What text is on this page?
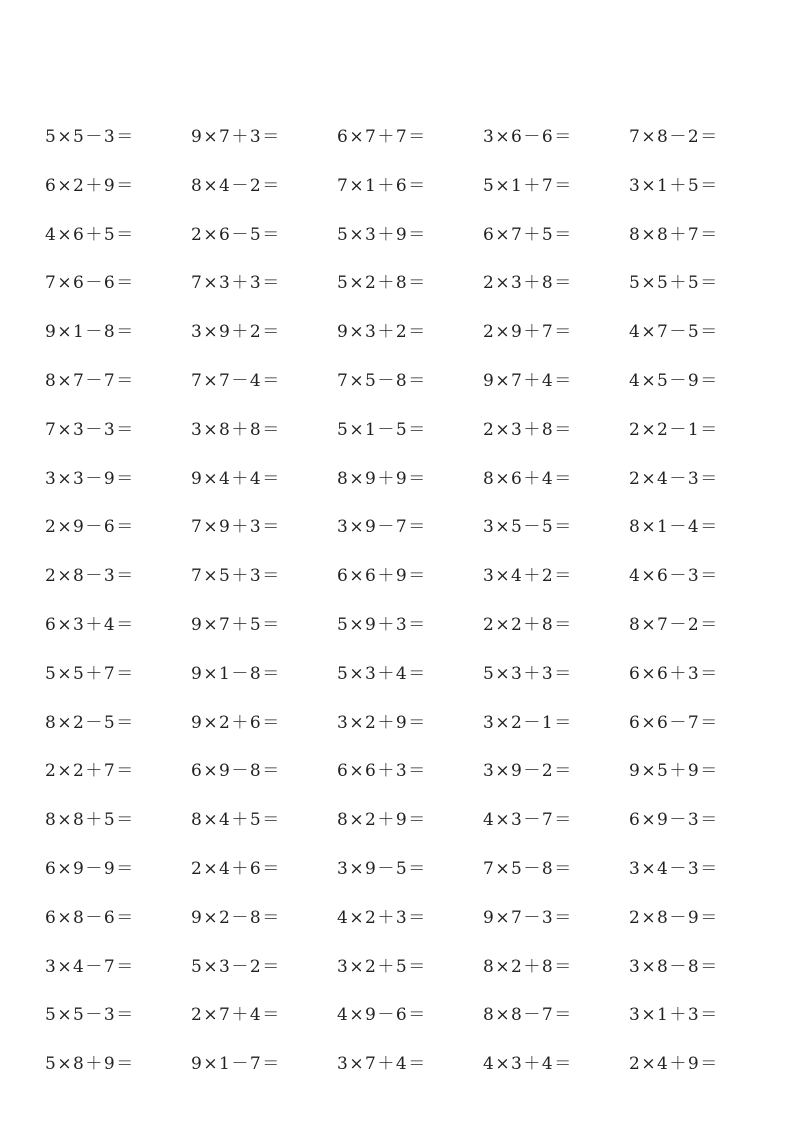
5×5－3＝	9×7＋3＝	6×7＋7＝	3×6－6＝	7×8－2＝
6×2＋9＝	8×4－2＝	7×1＋6＝	5×1＋7＝	3×1＋5＝
4×6＋5＝	2×6－5＝	5×3＋9＝	6×7＋5＝	8×8＋7＝
7×6－6＝	7×3＋3＝	5×2＋8＝	2×3＋8＝	5×5＋5＝
9×1－8＝	3×9＋2＝	9×3＋2＝	2×9＋7＝	4×7－5＝
8×7－7＝	7×7－4＝	7×5－8＝	9×7＋4＝	4×5－9＝
7×3－3＝	3×8＋8＝	5×1－5＝	2×3＋8＝	2×2－1＝
3×3－9＝	9×4＋4＝	8×9＋9＝	8×6＋4＝	2×4－3＝
2×9－6＝	7×9＋3＝	3×9－7＝	3×5－5＝	8×1－4＝
2×8－3＝	7×5＋3＝	6×6＋9＝	3×4＋2＝	4×6－3＝
6×3＋4＝	9×7＋5＝	5×9＋3＝	2×2＋8＝	8×7－2＝
5×5＋7＝	9×1－8＝	5×3＋4＝	5×3＋3＝	6×6＋3＝
8×2－5＝	9×2＋6＝	3×2＋9＝	3×2－1＝	6×6－7＝
2×2＋7＝	6×9－8＝	6×6＋3＝	3×9－2＝	9×5＋9＝
8×8＋5＝	8×4＋5＝	8×2＋9＝	4×3－7＝	6×9－3＝
6×9－9＝	2×4＋6＝	3×9－5＝	7×5－8＝	3×4－3＝
6×8－6＝	9×2－8＝	4×2＋3＝	9×7－3＝	2×8－9＝
3×4－7＝	5×3－2＝	3×2＋5＝	8×2＋8＝	3×8－8＝
5×5－3＝	2×7＋4＝	4×9－6＝	8×8－7＝	3×1＋3＝
5×8＋9＝	9×1－7＝	3×7＋4＝	4×3＋4＝	2×4＋9＝
